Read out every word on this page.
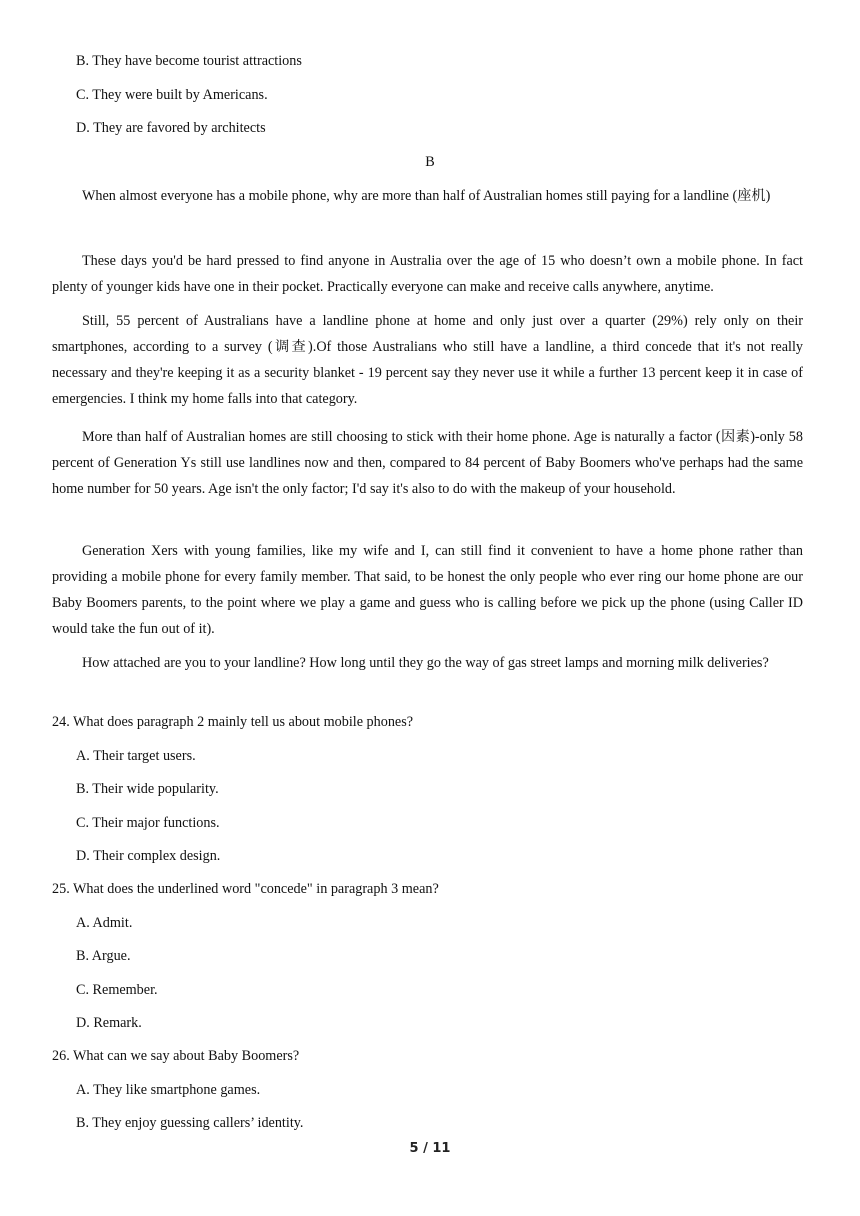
B. They have become tourist attractions

C. They were built by Americans.

D. They are favored by architects

B

When almost everyone has a mobile phone, why are more than half of Australian homes still paying for a landline (座机)

These days you'd be hard pressed to find anyone in Australia over the age of 15 who doesn’t own a mobile phone. In fact plenty of younger kids have one in their pocket. Practically everyone can make and receive calls anywhere, anytime.

Still, 55 percent of Australians have a landline phone at home and only just over a quarter (29%) rely only on their smartphones, according to a survey (调查).Of those Australians who still have a landline, a third concede that it's not really necessary and they're keeping it as a security blanket - 19 percent say they never use it while a further 13 percent keep it in case of emergencies. I think my home falls into that category.

More than half of Australian homes are still choosing to stick with their home phone. Age is naturally a factor (因素)-only 58 percent of Generation Ys still use landlines now and then, compared to 84 percent of Baby Boomers who've perhaps had the same home number for 50 years. Age isn't the only factor; I'd say it's also to do with the makeup of your household.

Generation Xers with young families, like my wife and I, can still find it convenient to have a home phone rather than providing a mobile phone for every family member. That said, to be honest the only people who ever ring our home phone are our Baby Boomers parents, to the point where we play a game and guess who is calling before we pick up the phone (using Caller ID would take the fun out of it).

How attached are you to your landline? How long until they go the way of gas street lamps and morning milk deliveries?

24. What does paragraph 2 mainly tell us about mobile phones?

A. Their target users.

B. Their wide popularity.

C. Their major functions.

D. Their complex design.

25. What does the underlined word "concede" in paragraph 3 mean?

A. Admit.

B. Argue.

C. Remember.

D. Remark.

26. What can we say about Baby Boomers?

A. They like smartphone games.

B. They enjoy guessing callers’ identity.

5 / 11
